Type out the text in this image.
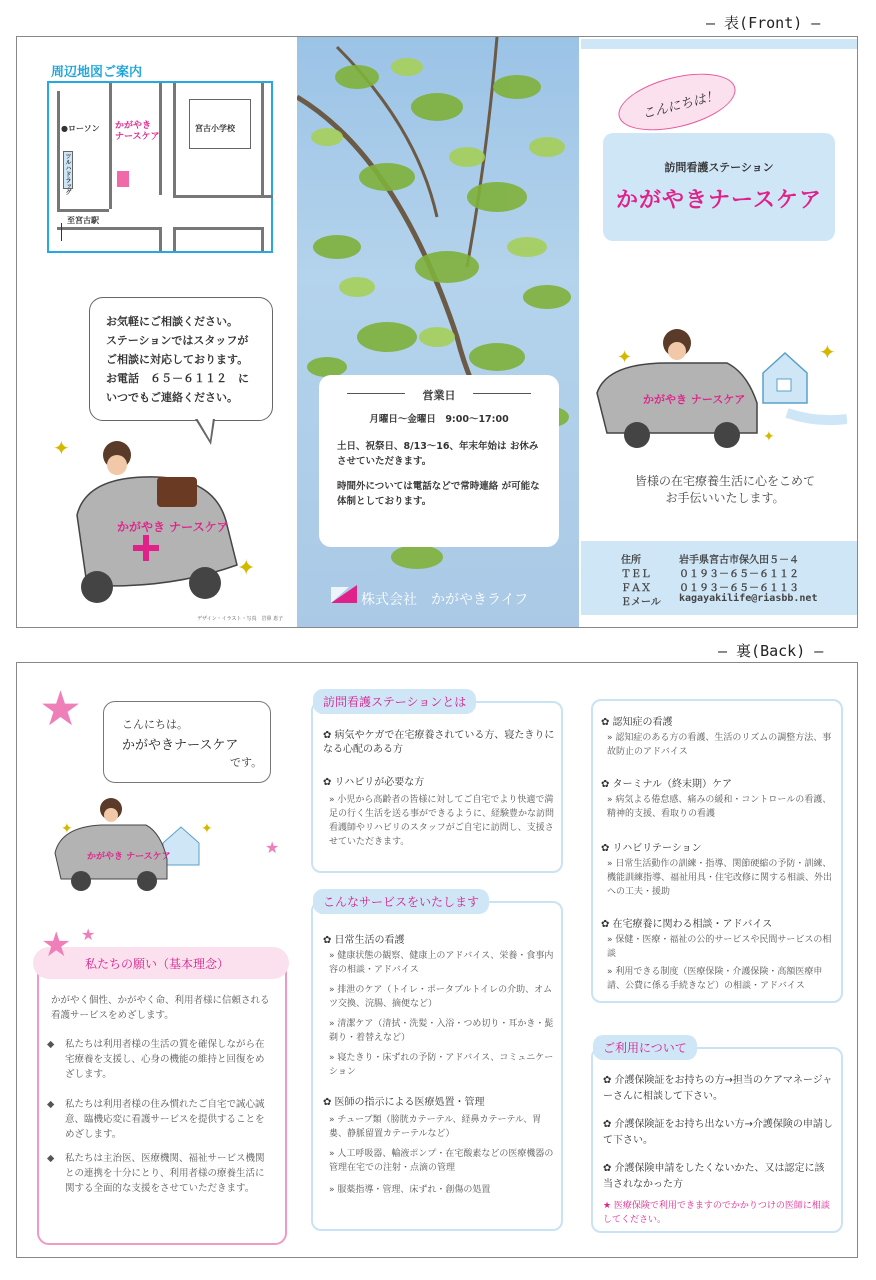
― 表(Front) ―
― 裏(Back) ―
周辺地図ご案内
宮古小学校
●ローソン かがやき
ナースケア
ツルハドラッグ
至宮古駅
お気軽にご相談ください。
ステーションではスタッフが
ご相談に対応しております。
お電話　６５－６１１２　に
いつでもご連絡ください。
✦
✦
かがやき ナースケア
デザイン・イラスト・写真　岩鼻 恵子
営業日
月曜日～金曜日　9:00～17:00
土日、祝祭日、8/13～16、年末年始は お休みさせていただきます。
時間外については電話などで常時連絡 が可能な体制としております。
株式会社　かがやきライフ
こんにちは！
訪問看護ステーション
かがやきナースケア
✦	✦
✦
かがやき ナースケア
皆様の在宅療養生活に心をこめて
お手伝いいたします。
住所	岩手県宮古市保久田５－４
ＴＥＬ	０１９３－６５－６１１２
ＦＡＸ	０１９３－６５－６１１３
Ｅメール kagayakilife@riasbb.net
★	こんにちは。
かがやきナースケア
です。
✦	✦
★
かがやき ナースケア
★ ★
私たちの願い（基本理念）
かがやく個性、かがやく命、利用者様に信頼される看護サービスをめざします。
◆ 私たちは利用者様の生活の質を確保しながら在宅療養を支援し、心身の機能の維持と回復をめざします。
◆ 私たちは利用者様の住み慣れたご自宅で誠心誠意、臨機応変に看護サービスを提供することをめざします。
◆ 私たちは主治医、医療機関、福祉サービス機関との連携を十分にとり、利用者様の療養生活に関する全面的な支援をさせていただきます。
訪問看護ステーションとは
✿ 病気やケガで在宅療養されている方、寝たきりになる心配のある方
✿ リハビリが必要な方
» 小児から高齢者の皆様に対してご自宅でより快適で満足の行く生活を送る事ができるように、経験豊かな訪問看護師やリハビリのスタッフがご自宅に訪問し、支援させていただきます。
こんなサービスをいたします
✿ 日常生活の看護
» 健康状態の観察、健康上のアドバイス、栄養・食事内容の相談・アドバイス
» 排泄のケア（トイレ・ポータブルトイレの介助、オムツ交換、浣腸、摘便など）
» 清潔ケア（清拭・洗髪・入浴・つめ切り・耳かき・髭剃り・着替えなど）
» 寝たきり・床ずれの予防・アドバイス、コミュニケーション
✿ 医師の指示による医療処置・管理
» チューブ類（膀胱カテーテル、経鼻カテーテル、胃婁、静脈留置カテーテルなど）
» 人工呼吸器、輸液ポンプ・在宅酸素などの医療機器の管理在宅での注射・点滴の管理
» 服薬指導・管理、床ずれ・創傷の処置
✿ 認知症の看護
» 認知症のある方の看護、生活のリズムの調整方法、事故防止のアドバイス
✿ ターミナル（終末期）ケア
» 病気よる倦怠感、痛みの緩和・コントロールの看護、精神的支援、看取りの看護
✿ リハビリテーション
» 日常生活動作の訓練・指導、関節硬縮の予防・訓練、機能訓練指導、福祉用具・住宅改修に関する相談、外出への工夫・援助
✿ 在宅療養に関わる相談・アドバイス
» 保健・医療・福祉の公的サービスや民間サービスの相談
» 利用できる制度（医療保険・介護保険・高額医療申請、公費に係る手続きなど）の相談・アドバイス
ご利用について
✿ 介護保険証をお持ちの方→担当のケアマネージャーさんに相談して下さい。
✿ 介護保険証をお持ち出ない方→介護保険の申請して下さい。
✿ 介護保険申請をしたくないかた、又は認定に該当されなかった方
★ 医療保険で利用できますのでかかりつけの医師に相談してください。
